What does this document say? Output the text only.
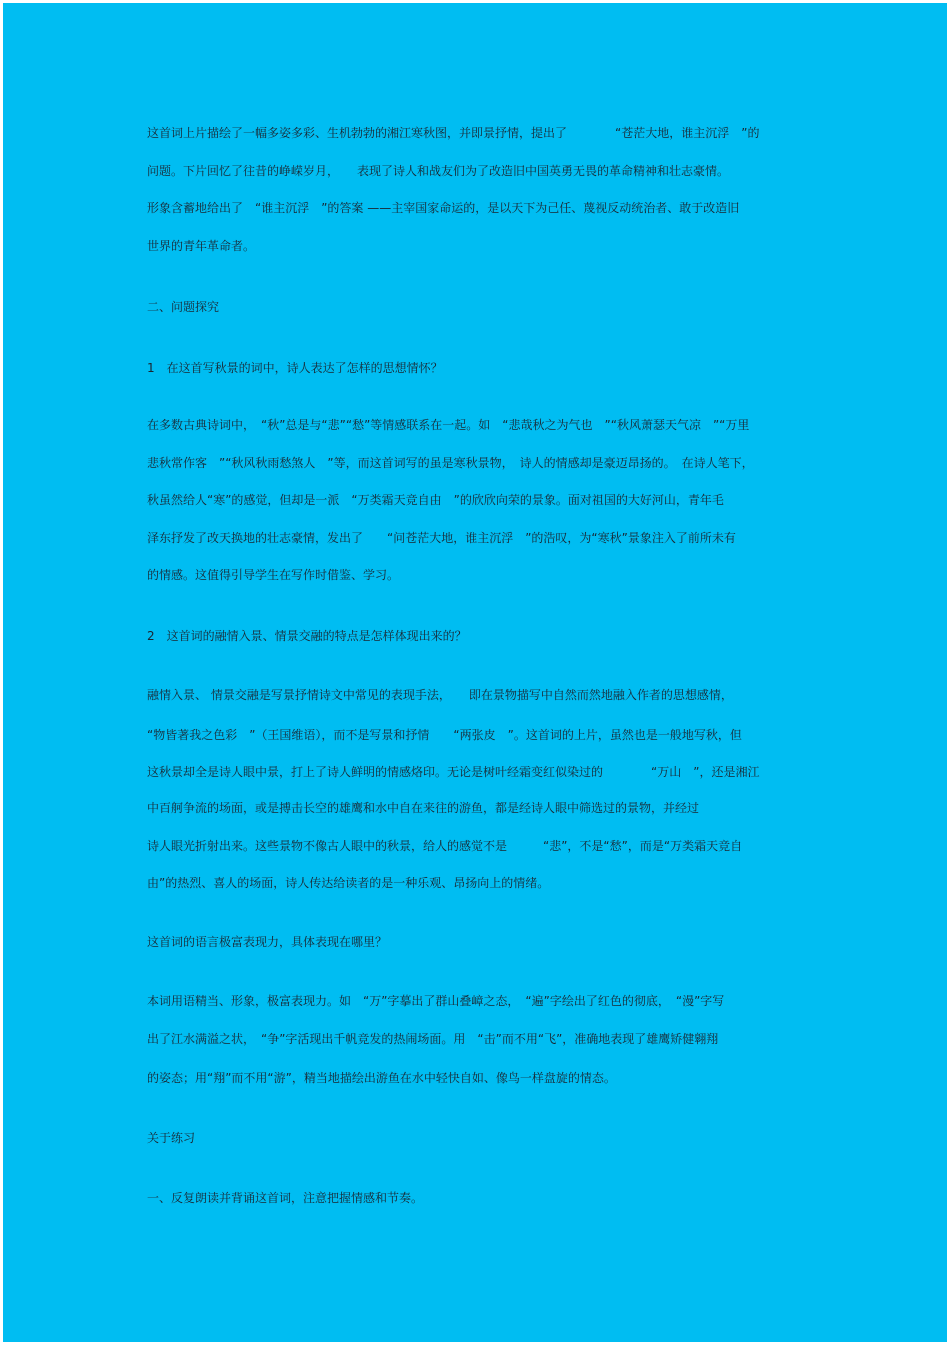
这首词上片描绘了一幅多姿多彩、生机勃勃的湘江寒秋图，并即景抒情，提出了　　　　“苍茫大地，谁主沉浮　”的

问题。下片回忆了往昔的峥嵘岁月，　　表现了诗人和战友们为了改造旧中国英勇无畏的革命精神和壮志豪情。

形象含蓄地给出了　“谁主沉浮　”的答案 ——主宰国家命运的，是以天下为己任、蔑视反动统治者、敢于改造旧

世界的青年革命者。

二、问题探究

1　在这首写秋景的词中，诗人表达了怎样的思想情怀？

在多数古典诗词中，　“秋”总是与“悲”“愁”等情感联系在一起。如　“悲哉秋之为气也　”“秋风萧瑟天气凉　”“万里

悲秋常作客　”“秋风秋雨愁煞人　”等，而这首词写的虽是寒秋景物，　诗人的情感却是豪迈昂扬的。　在诗人笔下，

秋虽然给人“寒”的感觉，但却是一派　“万类霜天竞自由　”的欣欣向荣的景象。面对祖国的大好河山，青年毛

泽东抒发了改天换地的壮志豪情，发出了　　“问苍茫大地，谁主沉浮　”的浩叹，为“寒秋”景象注入了前所未有

的情感。这值得引导学生在写作时借鉴、学习。

2　这首词的融情入景、情景交融的特点是怎样体现出来的？

融情入景、 情景交融是写景抒情诗文中常见的表现手法，　　即在景物描写中自然而然地融入作者的思想感情，

“物皆著我之色彩　”（王国维语），而不是写景和抒情　　“两张皮　”。这首词的上片，虽然也是一般地写秋，但

这秋景却全是诗人眼中景，打上了诗人鲜明的情感烙印。无论是树叶经霜变红似染过的　　　　“万山　”，还是湘江

中百舸争流的场面，或是搏击长空的雄鹰和水中自在来往的游鱼，都是经诗人眼中筛选过的景物，并经过

诗人眼光折射出来。这些景物不像古人眼中的秋景，给人的感觉不是　　　“悲”，不是“愁”，而是“万类霜天竞自

由”的热烈、喜人的场面，诗人传达给读者的是一种乐观、昂扬向上的情绪。

这首词的语言极富表现力，具体表现在哪里？

本词用语精当、形象，极富表现力。如　“万”字摹出了群山叠嶂之态，　“遍”字绘出了红色的彻底，　“漫”字写

出了江水满溢之状，　“争”字活现出千帆竞发的热闹场面。用　“击”而不用“飞”，准确地表现了雄鹰矫健翱翔

的姿态；用“翔”而不用“游”，精当地描绘出游鱼在水中轻快自如、像鸟一样盘旋的情态。

关于练习

一、反复朗读并背诵这首词，注意把握情感和节奏。
